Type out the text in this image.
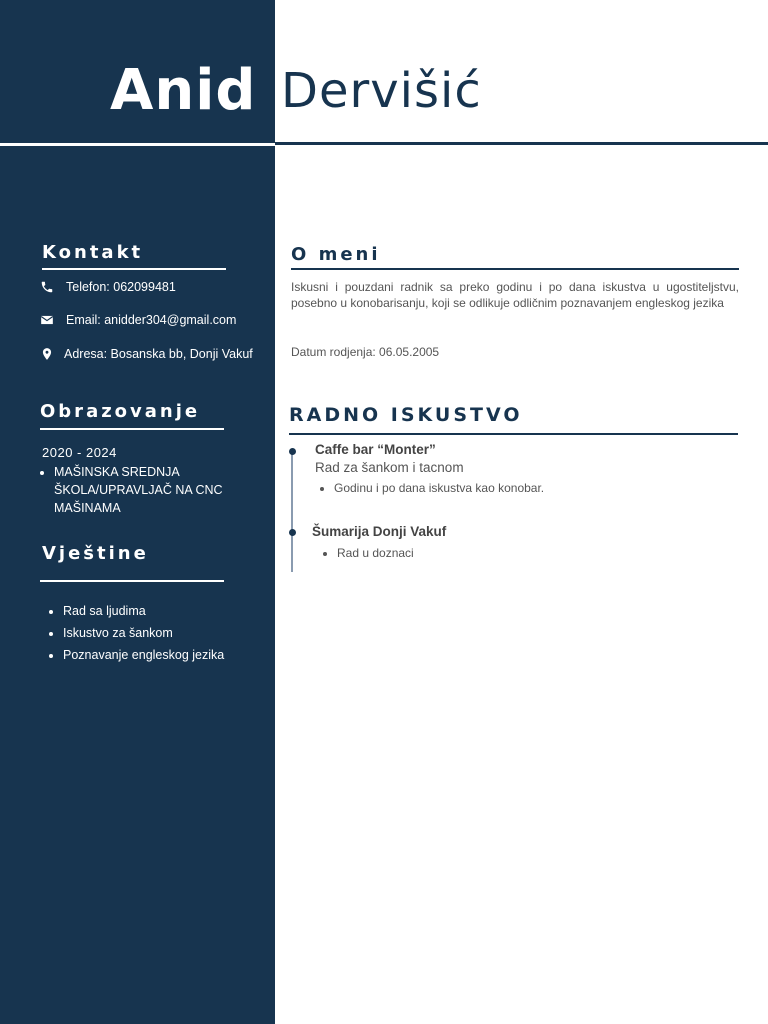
Anid Dervišić
Kontakt
Telefon: 062099481
Email: anidder304@gmail.com
Adresa: Bosanska bb, Donji Vakuf
Obrazovanje
2020 - 2024
• MAŠINSKA SREDNJA ŠKOLA/UPRAVLJAČ NA CNC MAŠINAMA
Vještine
• Rad sa ljudima
• Iskustvo za šankom
• Poznavanje engleskog jezika
O meni

Iskusni i pouzdani radnik sa preko godinu i po dana iskustva u ugostiteljstvu, posebno u konobarisanju, koji se odlikuje odličnim poznavanjem engleskog jezika

Datum rodjenja: 06.05.2005
RADNO ISKUSTVO
Caffe bar “Monter”
Rad za šankom i tacnom
• Godinu i po dana iskustva kao konobar.
Šumarija Donji Vakuf
• Rad u doznaci
